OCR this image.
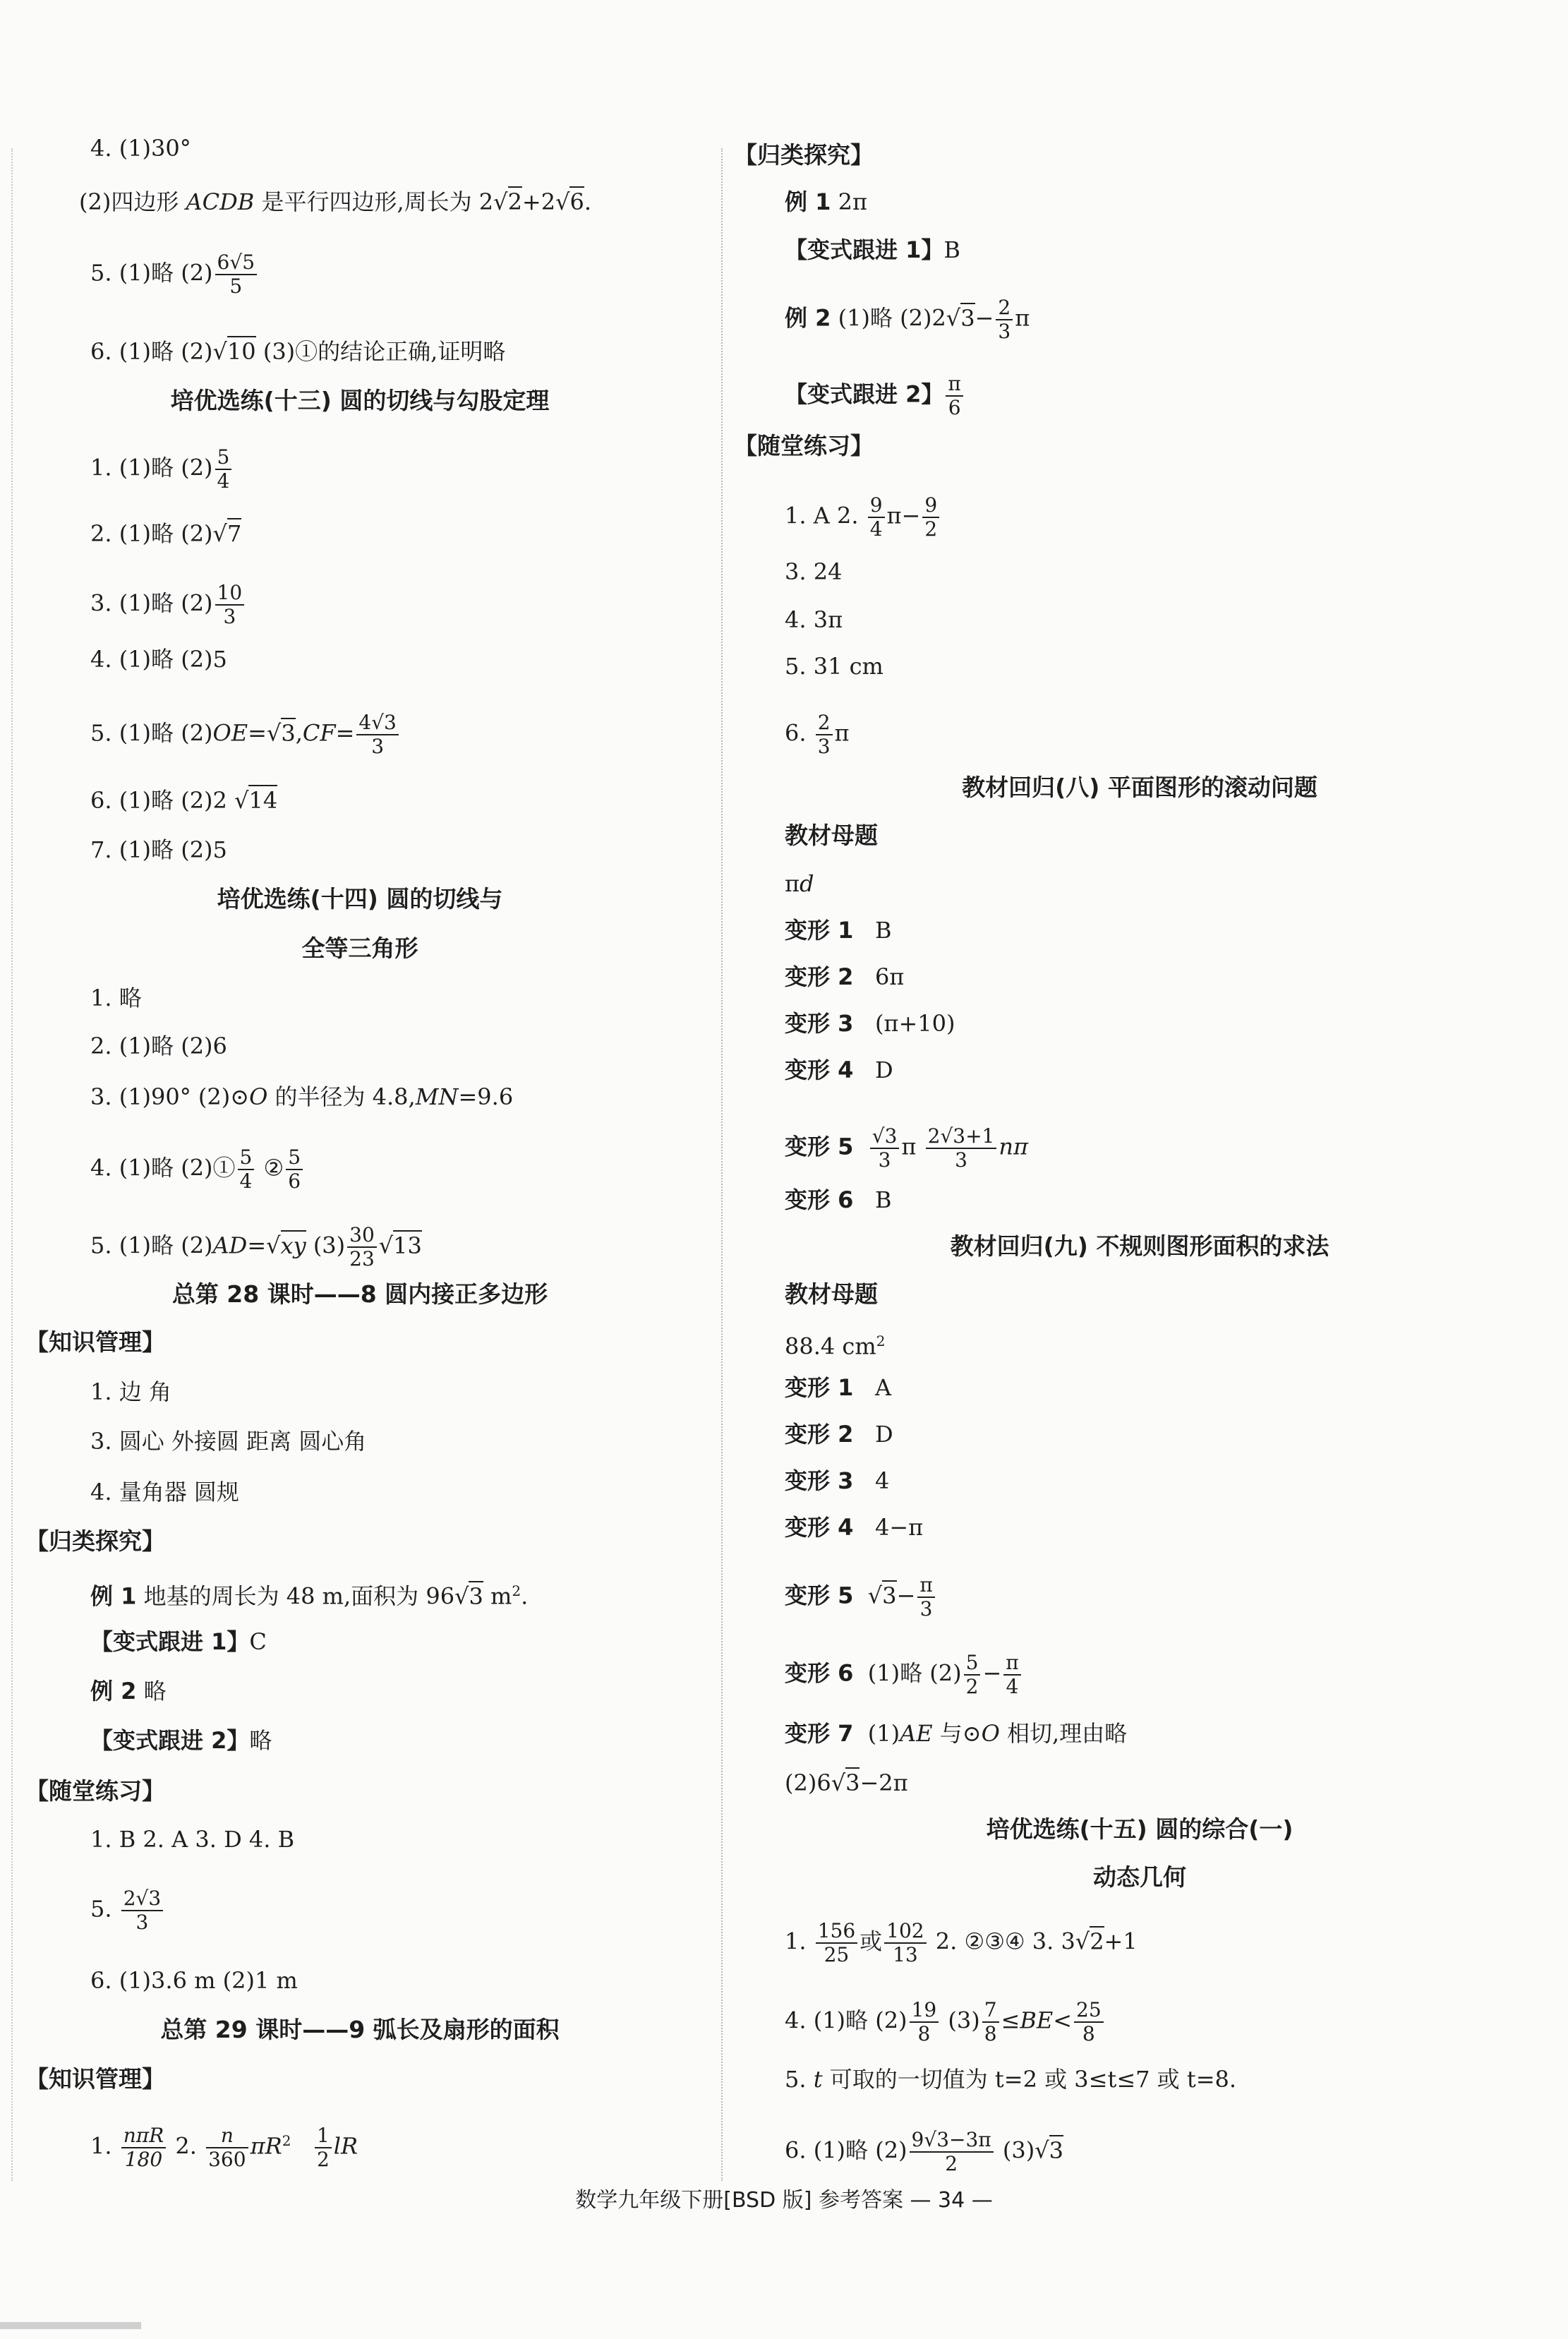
4. (1)30°
(2)四边形 ACDB 是平行四边形,周长为 2√2+2√6.
5. (1)略 $(2) \frac{6√5}{5}$
6. (1)略 (2)√10 (3)①的结论正确,证明略
培优选练(十三) 圆的切线与勾股定理
1. (1)略 $(2) \frac{5}{4}$
2. (1)略 (2)√7
3. (1)略 $(2) \frac{10}{3}$
4. (1)略 (2)5
5. (1)略 $(2)OE=√3,CF= \frac{4√3}{3}$
6. (1)略 (2)2 √14
7. (1)略 (2)5
培优选练(十四) 圆的切线与
全等三角形
1. 略
2. (1)略 (2)6
3. (1)90° (2)⊙O 的半径为 4.8,MN=9.6
4. (1)略 (2)① $\frac{5}{4}$ ② $\frac{5}{6}$
5. (1)略 (2)AD=√xy $(3) \frac{30}{23} √13$
总第 28 课时——8 圆内接正多边形
【知识管理】
1. 边 角
3. 圆心 外接圆 距离 圆心角
4. 量角器 圆规
【归类探究】
例 1 地基的周长为 48 m,面积为 96√3 $m^2$.
【变式跟进 1】C
例 2 略
【变式跟进 2】略
【随堂练习】
1. B 2. A 3. D 4. B
5. $\frac{2√3}{3}$
6. (1)3.6 m (2)1 m
总第 29 课时——9 弧长及扇形的面积
【知识管理】
1. $\frac{\text{nπR}}{180} 2$. $\frac{n}{360} \pi R^2 \frac{1}{2}$ lR
【归类探究】
例 1 2π
【变式跟进 1】B
例 2 (1)略 $(2)2√3- \frac{2}{3}$ π
【变式跟进 2】 $\frac{\pi}{6}$
【随堂练习】
1. A 2. $\frac{9}{4} \pi- \frac{9}{2}$
3. 24
4. 3π
5. 31 cm
6. $\frac{2}{3}$ π
教材回归(八) 平面图形的滚动问题
教材母题
πd
变形 1 B
变形 2 6π
变形 3 (π+10)
变形 4 D
变形 $5 \frac{√3}{3}$ π $\frac{2√3+1}{3}$ nπ
变形 6 B
教材回归(九) 不规则图形面积的求法
教材母题
88.4 $cm^2$
变形 1 A
变形 2 D
变形 3 4
变形 4 4−π
变形 5  $√3- \frac{\pi}{3}$
变形 6 (1)略 $(2) \frac{5}{2} - \frac{\pi}{4}$
变形 7 (1)AE 与⊙O 相切,理由略
(2)6√3−2π
培优选练(十五) 圆的综合(一)
动态几何
1. $\frac{156}{25}$ 或 $\frac{102}{13} 2$. ②③④ 3. 3√2+1
4. (1)略 $(2) \frac{19}{8} (3) \frac{7}{8} \le BE< \frac{25}{8}$
5. t 可取的一切值为 t=2 或 3≤t≤7 或 t=8.
6. (1)略 $(2) \frac{9√3-3\pi}{2} (3)√3$
数学九年级下册[BSD 版] 参考答案 — 34 —
